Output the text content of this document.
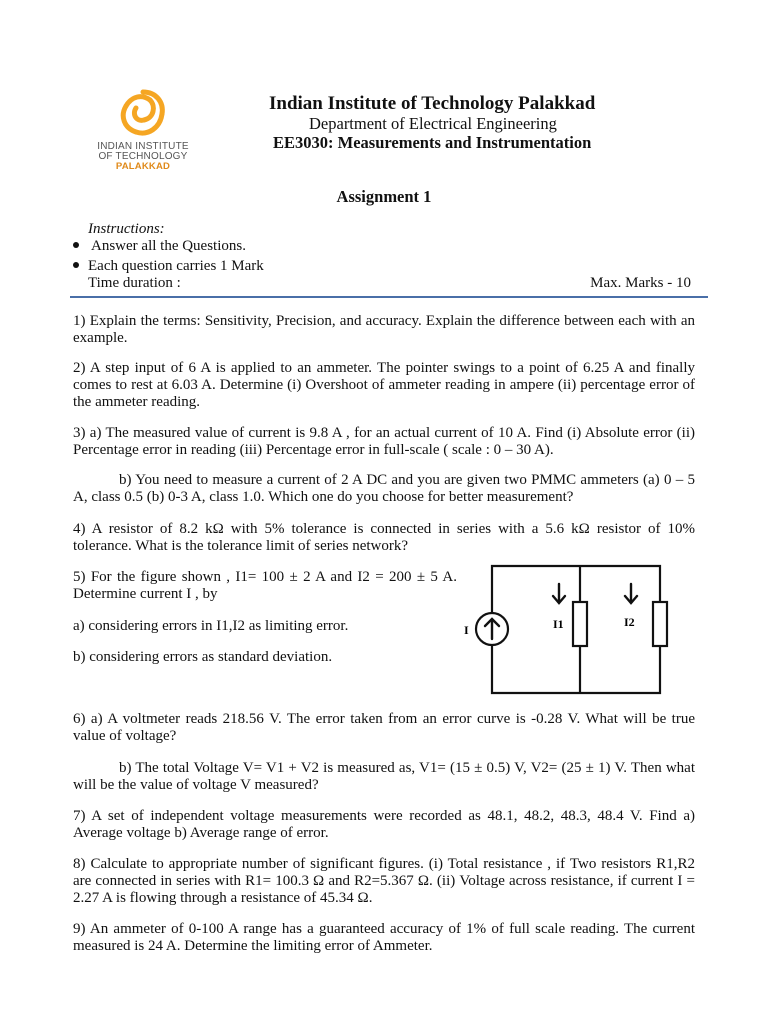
INDIAN INSTITUTE
OF TECHNOLOGY
PALAKKAD
Indian Institute of Technology Palakkad
Department of Electrical Engineering
EE3030: Measurements and Instrumentation
Assignment 1
Instructions:
Answer all the Questions.
Each question carries 1 Mark
Time duration :	Max. Marks - 10
1) Explain the terms: Sensitivity, Precision, and accuracy. Explain the difference between each with an example.
2) A step input of 6 A is applied to an ammeter. The pointer swings to a point of 6.25 A and finally comes to rest at 6.03 A. Determine (i) Overshoot of ammeter reading in ampere (ii) percentage error of the ammeter reading.
3) a) The measured value of current is 9.8 A , for an actual current of 10 A. Find (i) Absolute error (ii) Percentage error in reading (iii) Percentage error in full-scale ( scale : 0 – 30 A).
b) You need to measure a current of 2 A DC and you are given two PMMC ammeters (a) 0 – 5 A, class 0.5 (b) 0-3 A, class 1.0. Which one do you choose for better measurement?
4) A resistor of 8.2 kΩ with 5% tolerance is connected in series with a 5.6 kΩ resistor of 10% tolerance. What is the tolerance limit of series network?
5) For the figure shown , I1= 100 ± 2 A and I2 = 200 ± 5 A. Determine current I , by
a) considering errors in I1,I2 as limiting error.
b) considering errors as standard deviation.
I	I1	I2
6) a) A voltmeter reads 218.56 V. The error taken from an error curve is -0.28 V. What will be true value of voltage?
b) The total Voltage V= V1 + V2 is measured as, V1= (15 ± 0.5) V, V2= (25 ± 1) V. Then what will be the value of voltage V measured?
7) A set of independent voltage measurements were recorded as 48.1, 48.2, 48.3, 48.4 V. Find a) Average voltage b) Average range of error.
8) Calculate to appropriate number of significant figures. (i) Total resistance , if Two resistors R1,R2 are connected in series with R1= 100.3 Ω and R2=5.367 Ω. (ii) Voltage across resistance, if current I = 2.27 A is flowing through a resistance of 45.34 Ω.
9) An ammeter of 0-100 A range has a guaranteed accuracy of 1% of full scale reading. The current measured is 24 A. Determine the limiting error of Ammeter.
